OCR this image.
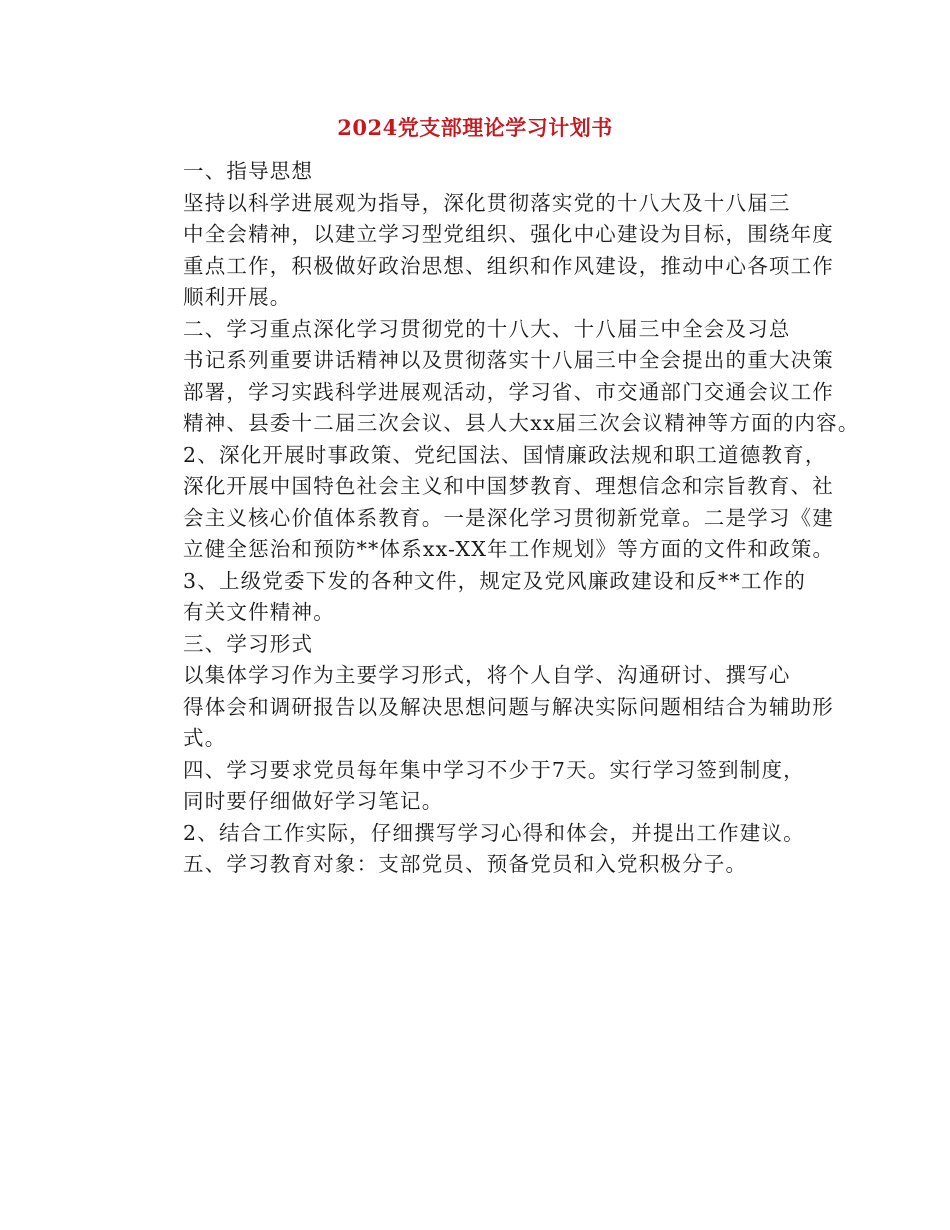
2024党支部理论学习计划书

一、指导思想

坚持以科学进展观为指导，深化贯彻落实党的十八大及十八届三
中全会精神，以建立学习型党组织、强化中心建设为目标，围绕年度
重点工作，积极做好政治思想、组织和作风建设，推动中心各项工作
顺利开展。

二、学习重点深化学习贯彻党的十八大、十八届三中全会及习总
书记系列重要讲话精神以及贯彻落实十八届三中全会提出的重大决策
部署，学习实践科学进展观活动，学习省、市交通部门交通会议工作
精神、县委十二届三次会议、县人大xx届三次会议精神等方面的内容。

2、深化开展时事政策、党纪国法、国情廉政法规和职工道德教育，
深化开展中国特色社会主义和中国梦教育、理想信念和宗旨教育、社
会主义核心价值体系教育。一是深化学习贯彻新党章。二是学习《建
立健全惩治和预防**体系xx-XX年工作规划》等方面的文件和政策。

3、上级党委下发的各种文件，规定及党风廉政建设和反**工作的
有关文件精神。

三、学习形式

以集体学习作为主要学习形式，将个人自学、沟通研讨、撰写心
得体会和调研报告以及解决思想问题与解决实际问题相结合为辅助形
式。

四、学习要求党员每年集中学习不少于7天。实行学习签到制度，
同时要仔细做好学习笔记。

2、结合工作实际，仔细撰写学习心得和体会，并提出工作建议。

五、学习教育对象：支部党员、预备党员和入党积极分子。
